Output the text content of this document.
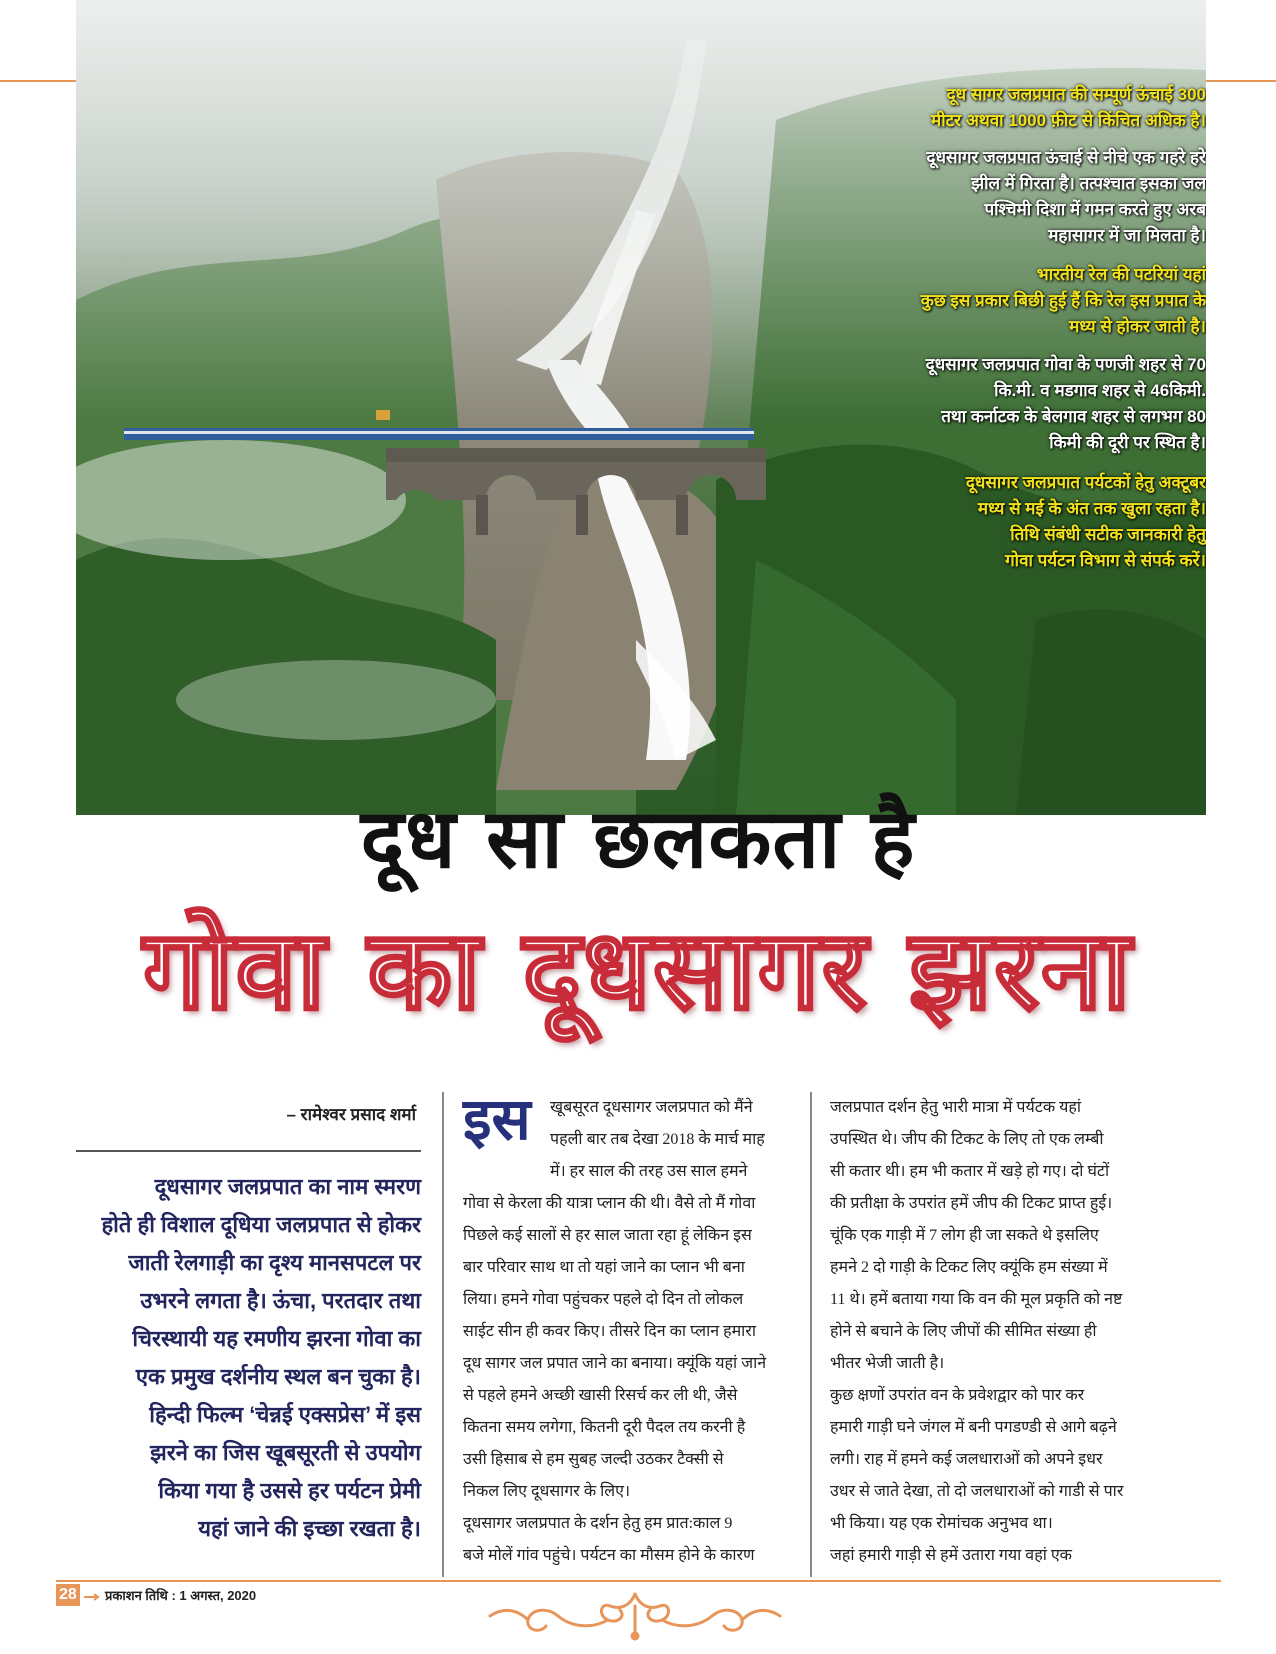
दूध सागर जलप्रपात की सम्पूर्ण ऊंचाई 300
मीटर अथवा 1000 फ़ीट से किंचित अधिक है।

दूधसागर जलप्रपात ऊंचाई से नीचे एक गहरे हरे
झील में गिरता है। तत्पश्चात इसका जल
पश्चिमी दिशा में गमन करते हुए अरब
महासागर में जा मिलता है।

भारतीय रेल की पटरियां यहां
कुछ इस प्रकार बिछी हुई हैं कि रेल इस प्रपात के
मध्य से होकर जाती है।

दूधसागर जलप्रपात गोवा के पणजी शहर से 70
कि.मी. व मडगाव शहर से 46किमी.
तथा कर्नाटक के बेलगाव शहर से लगभग 80
किमी की दूरी पर स्थित है।

दूधसागर जलप्रपात पर्यटकों हेतु अक्टूबर
मध्य से मई के अंत तक खुला रहता है।
तिथि संबंधी सटीक जानकारी हेतु
गोवा पर्यटन विभाग से संपर्क करें।

दूध सा छलकता है
गोवा का दूधसागर झरना
– रामेश्वर प्रसाद शर्मा

दूधसागर जलप्रपात का नाम स्मरण
होते ही विशाल दूधिया जलप्रपात से होकर
जाती रेलगाड़ी का दृश्य मानसपटल पर
उभरने लगता है। ऊंचा, परतदार तथा
चिरस्थायी यह रमणीय झरना गोवा का
एक प्रमुख दर्शनीय स्थल बन चुका है।
हिन्दी फिल्म ‘चेन्नई एक्सप्रेस’ में इस
झरने का जिस खूबसूरती से उपयोग
किया गया है उससे हर पर्यटन प्रेमी
यहां जाने की इच्छा रखता है।

इस खूबसूरत दूधसागर जलप्रपात को मैंने
पहली बार तब देखा 2018 के मार्च माह
में। हर साल की तरह उस साल हमने

गोवा से केरला की यात्रा प्लान की थी। वैसे तो मैं गोवा
पिछले कई सालों से हर साल जाता रहा हूं लेकिन इस
बार परिवार साथ था तो यहां जाने का प्लान भी बना
लिया। हमने गोवा पहुंचकर पहले दो दिन तो लोकल
साईट सीन ही कवर किए। तीसरे दिन का प्लान हमारा
दूध सागर जल प्रपात जाने का बनाया। क्यूंकि यहां जाने
से पहले हमने अच्छी खासी रिसर्च कर ली थी, जैसे
कितना समय लगेगा, कितनी दूरी पैदल तय करनी है
उसी हिसाब से हम सुबह जल्दी उठकर टैक्सी से
निकल लिए दूधसागर के लिए।
दूधसागर जलप्रपात के दर्शन हेतु हम प्रात:काल 9
बजे मोलें गांव पहुंचे। पर्यटन का मौसम होने के कारण

जलप्रपात दर्शन हेतु भारी मात्रा में पर्यटक यहां
उपस्थित थे। जीप की टिकट के लिए तो एक लम्बी
सी कतार थी। हम भी कतार में खड़े हो गए। दो घंटों
की प्रतीक्षा के उपरांत हमें जीप की टिकट प्राप्त हुई।
चूंकि एक गाड़ी में 7 लोग ही जा सकते थे इसलिए
हमने 2 दो गाड़ी के टिकट लिए क्यूंकि हम संख्या में
11 थे। हमें बताया गया कि वन की मूल प्रकृति को नष्ट
होने से बचाने के लिए जीपों की सीमित संख्या ही
भीतर भेजी जाती है।
कुछ क्षणों उपरांत वन के प्रवेशद्वार को पार कर
हमारी गाड़ी घने जंगल में बनी पगडण्डी से आगे बढ़ने
लगी। राह में हमने कई जलधाराओं को अपने इधर
उधर से जाते देखा, तो दो जलधाराओं को गाडी से पार
भी किया। यह एक रोमांचक अनुभव था।
जहां हमारी गाड़ी से हमें उतारा गया वहां एक

28 प्रकाशन तिथि : 1 अगस्त, 2020
